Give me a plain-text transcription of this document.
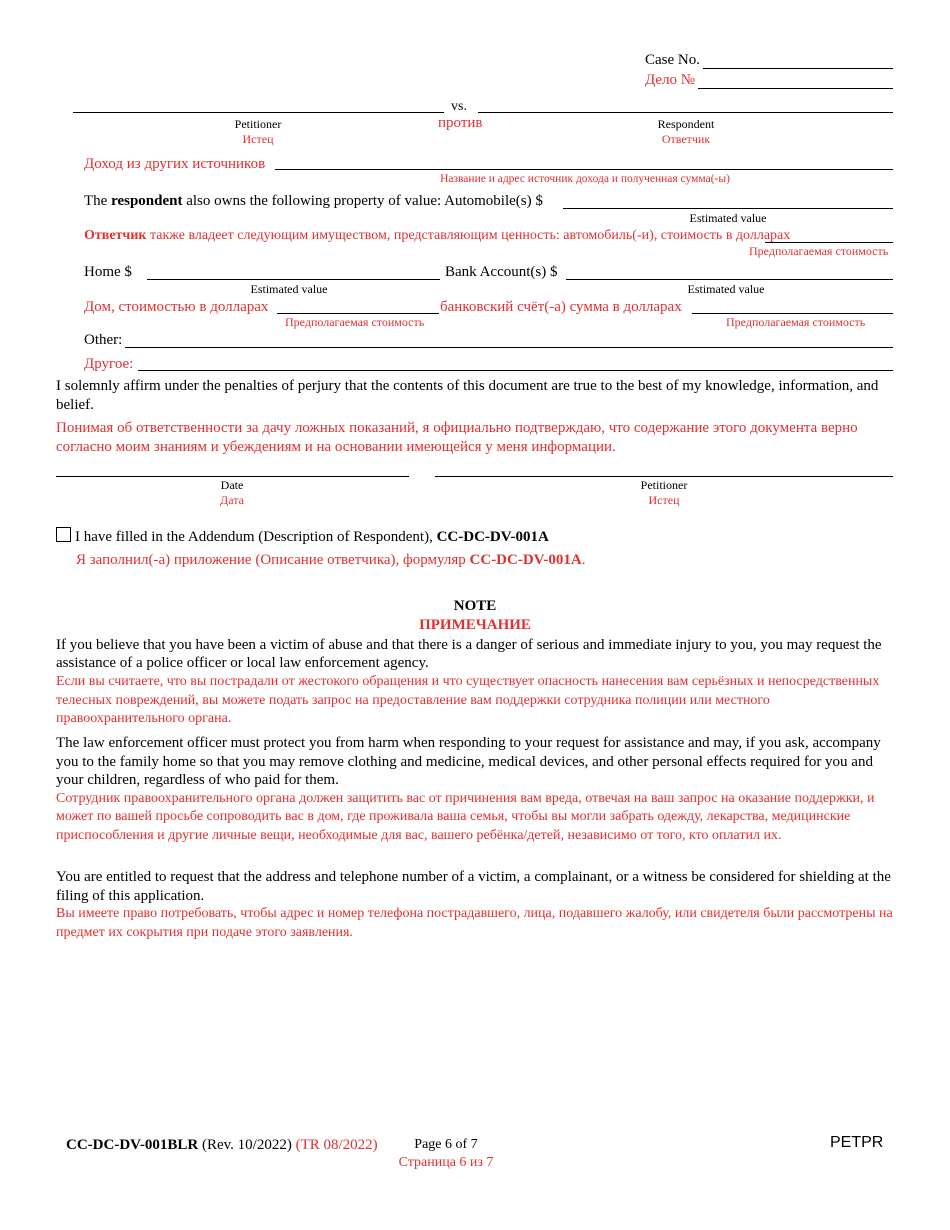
Case No.
Дело №
vs.
Petitioner
Истец
против	Respondent
Ответчик
Доход из других источников
Название и адрес источник дохода и полученная сумма(-ы)
The respondent also owns the following property of value: Automobile(s) $
Estimated value
Ответчик также владеет следующим имуществом, представляющим ценность: автомобиль(-и), стоимость в долларах
Предполагаемая стоимость
Home $	Bank Account(s) $
Estimated value	Estimated value
Дом, стоимостью в долларах	банковский счёт(-а) сумма в долларах
Предполагаемая стоимость	Предполагаемая стоимость
Other:
Другое:
I solemnly affirm under the penalties of perjury that the contents of this document are true to the best of my knowledge, information, and belief.
Понимая об ответственности за дачу ложных показаний, я официально подтверждаю, что содержание этого документа верно согласно моим знаниям и убеждениям и на основании имеющейся у меня информации.
Date
Дата
Petitioner
Истец
I have filled in the Addendum (Description of Respondent), CC-DC-DV-001A
Я заполнил(-а) приложение (Описание ответчика), формуляр CC-DC-DV-001A.
NOTE
ПРИМЕЧАНИЕ
If you believe that you have been a victim of abuse and that there is a danger of serious and immediate injury to you, you may request the assistance of a police officer or local law enforcement agency.
Если вы считаете, что вы пострадали от жестокого обращения и что существует опасность нанесения вам серьёзных и непосредственных телесных повреждений, вы можете подать запрос на предоставление вам поддержки сотрудника полиции или местного правоохранительного органа.
The law enforcement officer must protect you from harm when responding to your request for assistance and may, if you ask, accompany you to the family home so that you may remove clothing and medicine, medical devices, and other personal effects required for you and your children, regardless of who paid for them.
Сотрудник правоохранительного органа должен защитить вас от причинения вам вреда, отвечая на ваш запрос на оказание поддержки, и может по вашей просьбе сопроводить вас в дом, где проживала ваша семья, чтобы вы могли забрать одежду, лекарства, медицинские приспособления и другие личные вещи, необходимые для вас, вашего ребёнка/детей, независимо от того, кто оплатил их.
You are entitled to request that the address and telephone number of a victim, a complainant, or a witness be considered for shielding at the filing of this application.
Вы имеете право потребовать, чтобы адрес и номер телефона пострадавшего, лица, подавшего жалобу, или свидетеля были рассмотрены на предмет их сокрытия при подаче этого заявления.
CC-DC-DV-001BLR (Rev. 10/2022) (TR 08/2022)	Page 6 of 7
Страница 6 из 7
PETPR
